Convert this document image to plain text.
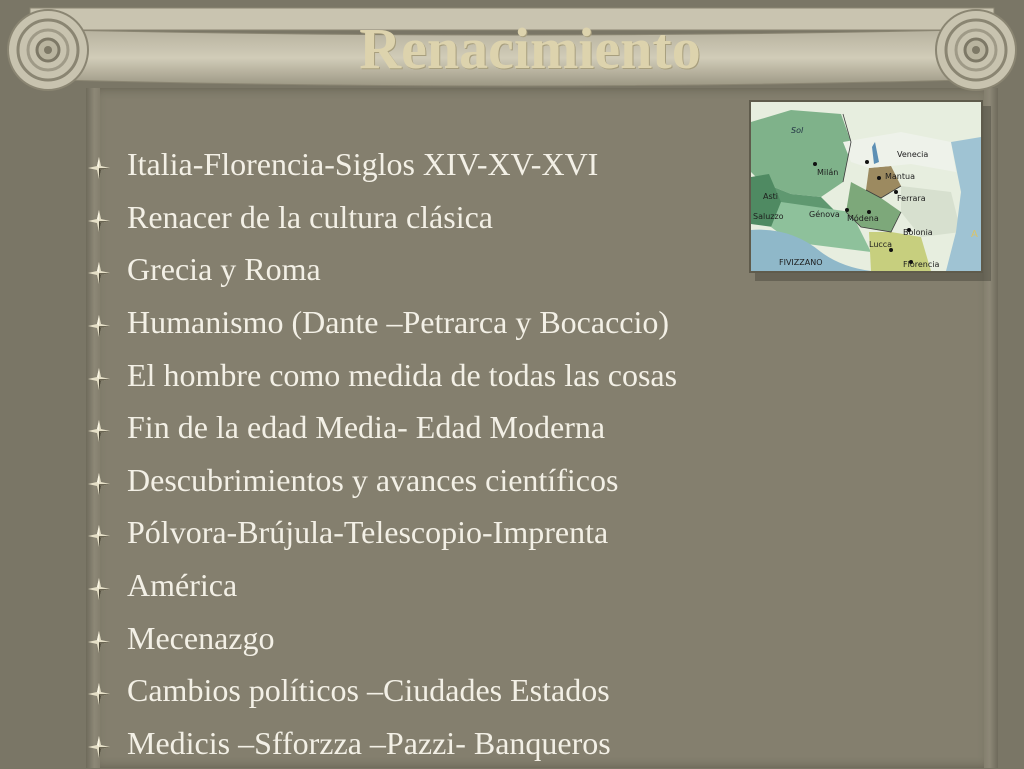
Renacimiento
Sol
Venecia
Milán	Mantua
Asti	Ferrara
Saluzzo	Génova Módena
Bolonia
Lucca
FIVIZZANO	Florencia
A
Italia-Florencia-Siglos XIV-XV-XVI
Renacer de la cultura clásica
Grecia y Roma
Humanismo (Dante –Petrarca y Bocaccio)
El hombre como medida de todas las cosas
Fin de la edad Media- Edad Moderna
Descubrimientos y avances científicos
Pólvora-Brújula-Telescopio-Imprenta
América
Mecenazgo
Cambios políticos –Ciudades Estados
Medicis –Sfforzza –Pazzi- Banqueros
